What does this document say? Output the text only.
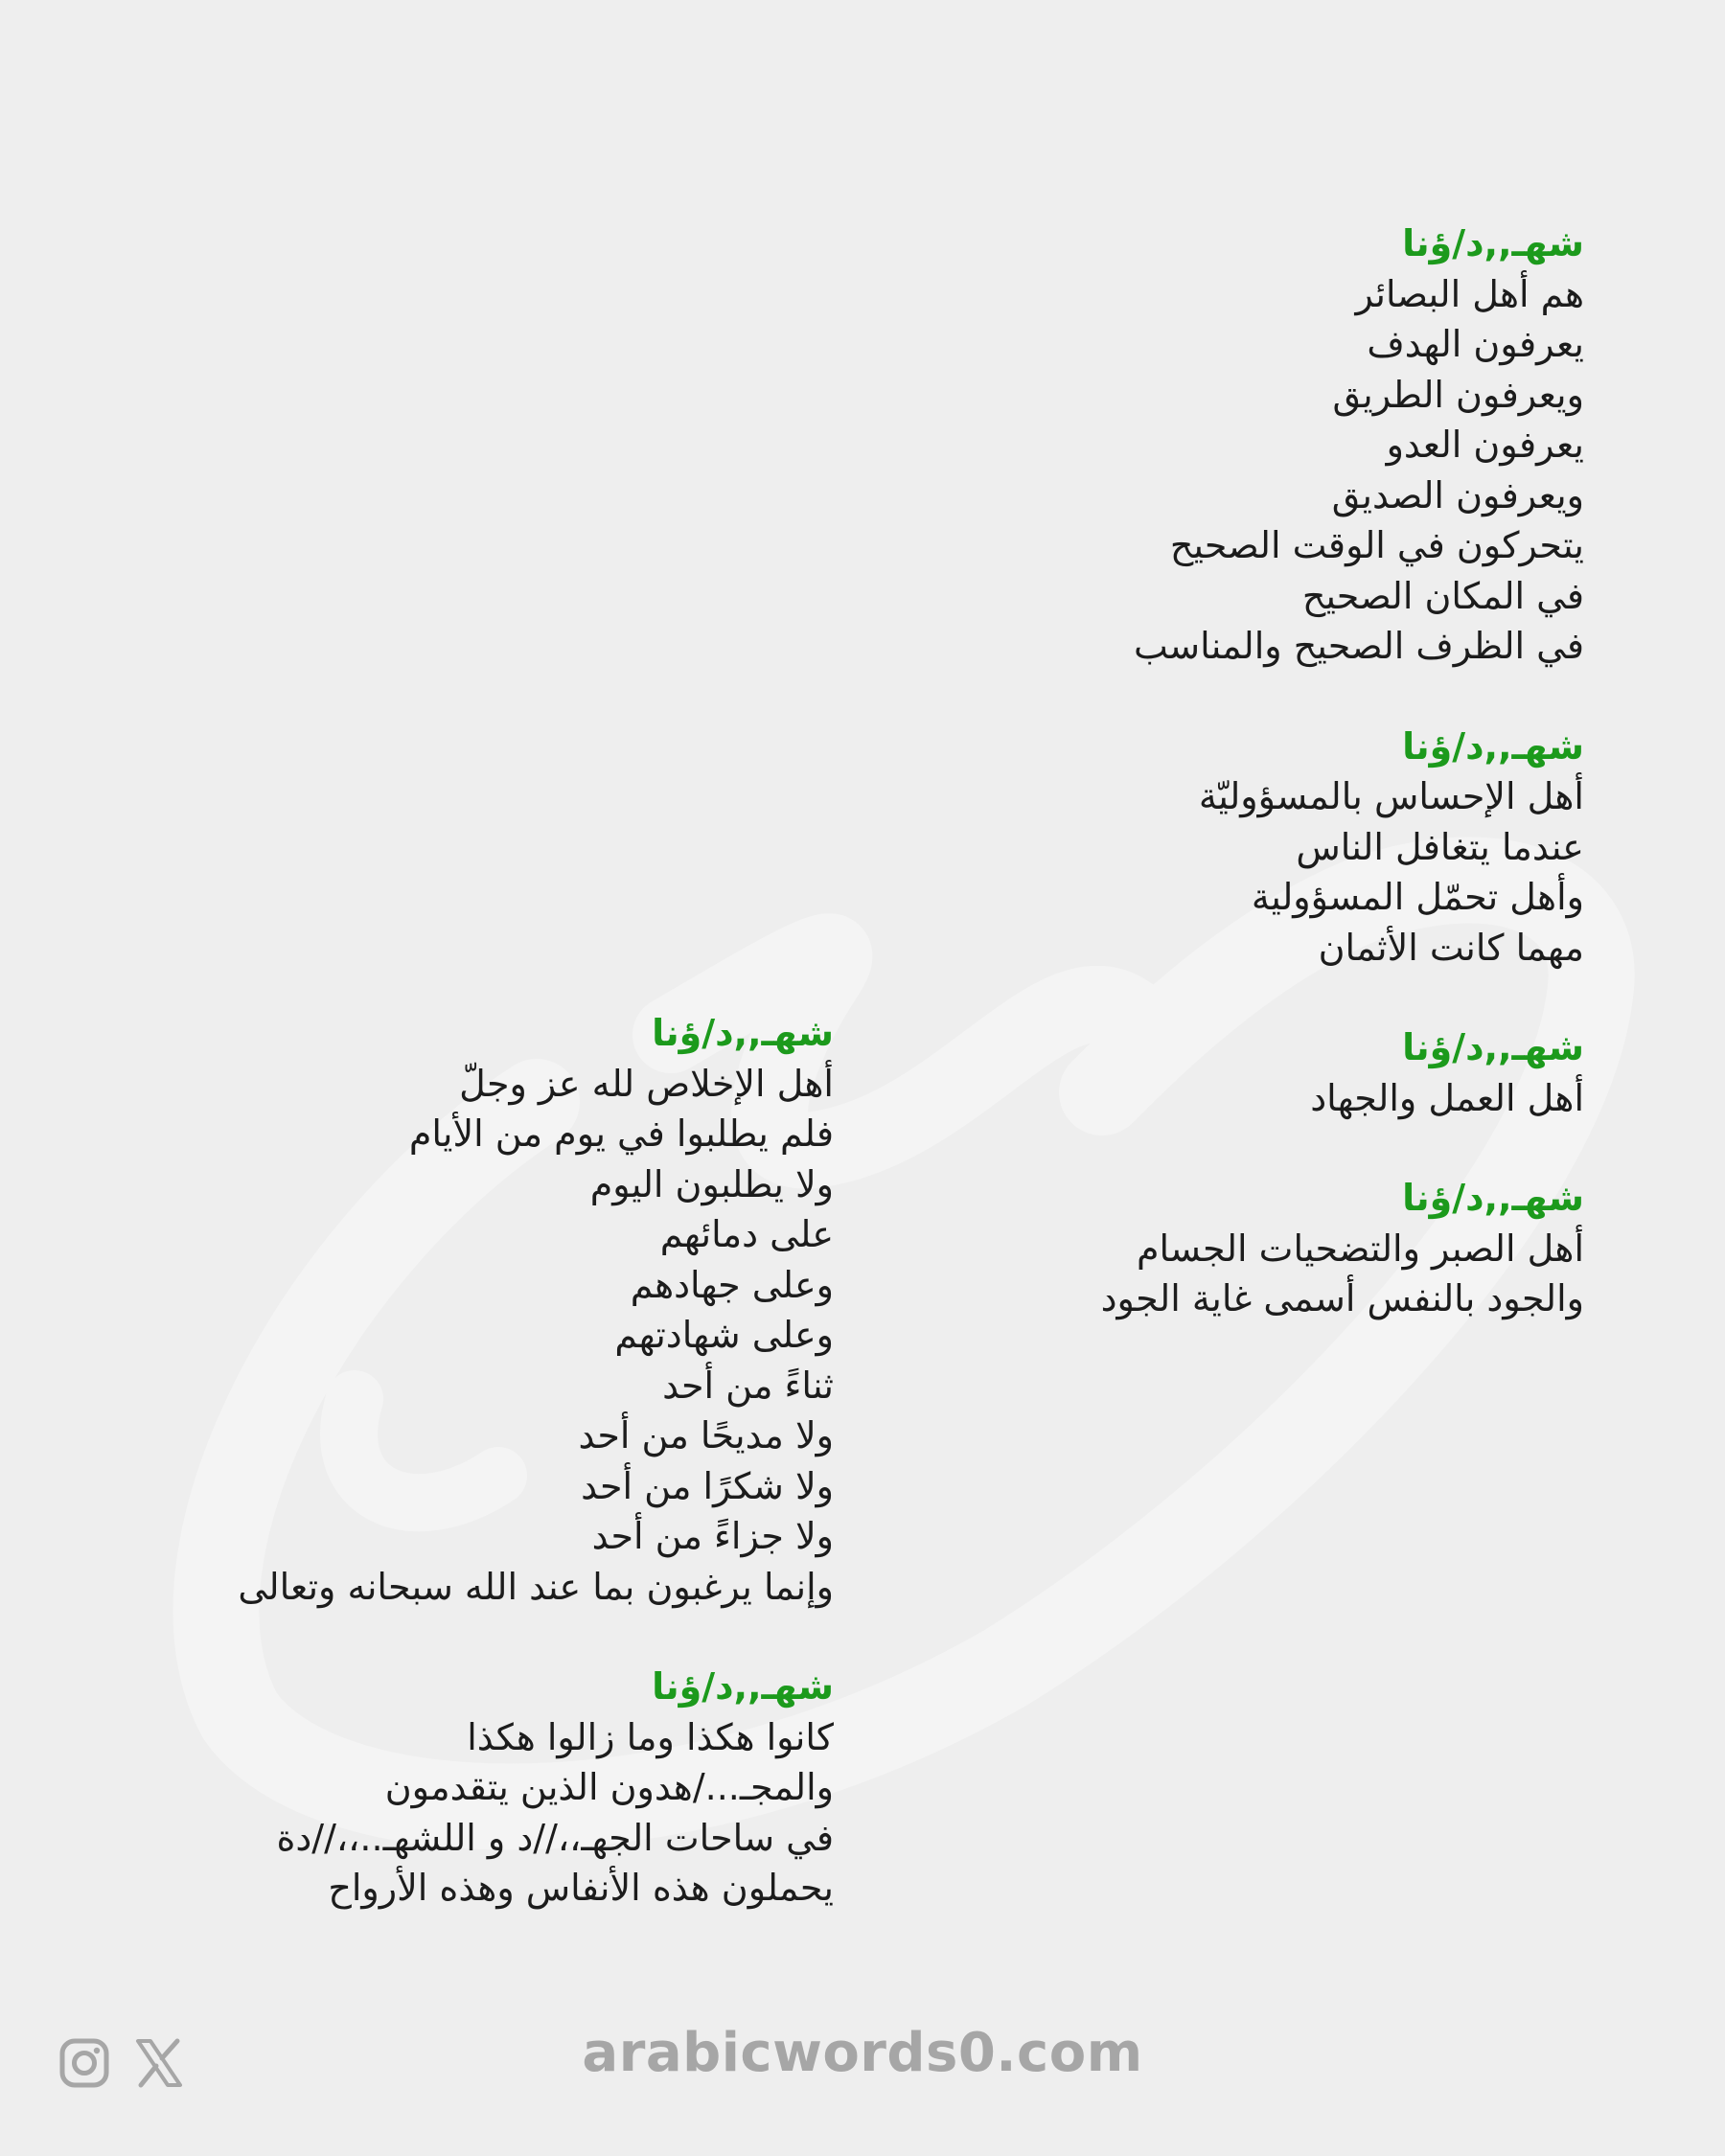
شهـ,,د/ؤنا
هم أهل البصائر
يعرفون الهدف
ويعرفون الطريق
يعرفون العدو
ويعرفون الصديق
يتحركون في الوقت الصحيح
في المكان الصحيح
في الظرف الصحيح والمناسب
شهـ,,د/ؤنا
أهل الإحساس بالمسؤوليّة
عندما يتغافل الناس
وأهل تحمّل المسؤولية
مهما كانت الأثمان
شهـ,,د/ؤنا
أهل العمل والجهاد
شهـ,,د/ؤنا
أهل الصبر والتضحيات الجسام
والجود بالنفس أسمى غاية الجود
شهـ,,د/ؤنا
أهل الإخلاص لله عز وجلّ
فلم يطلبوا في يوم من الأيام
ولا يطلبون اليوم
على دمائهم
وعلى جهادهم
وعلى شهادتهم
ثناءً من أحد
ولا مديحًا من أحد
ولا شكرًا من أحد
ولا جزاءً من أحد
وإنما يرغبون بما عند الله سبحانه وتعالى
شهـ,,د/ؤنا
كانوا هكذا وما زالوا هكذا
والمجـ.../هدون الذين يتقدمون
في ساحات الجهـ،،//د و اللشهـ..،،//دة
يحملون هذه الأنفاس وهذه الأرواح
arabicwords0.com
